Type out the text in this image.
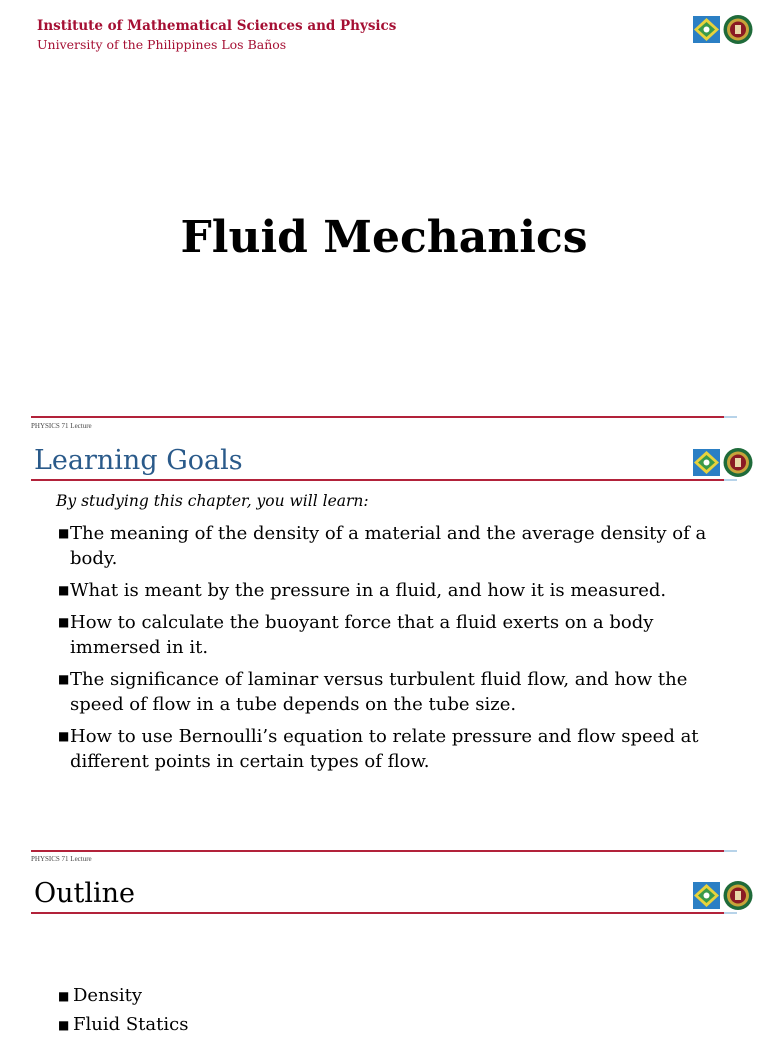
Institute of Mathematical Sciences and Physics
University of the Philippines Los Baños
Fluid Mechanics
PHYSICS 71 Lecture
Learning Goals
By studying this chapter, you will learn:
■ The meaning of the density of a material and the average density of a body.
■ What is meant by the pressure in a fluid, and how it is measured.
■ How to calculate the buoyant force that a fluid exerts on a body immersed in it.
■ The significance of laminar versus turbulent fluid flow, and how the speed of flow in a tube depends on the tube size.
■ How to use Bernoulli’s equation to relate pressure and flow speed at different points in certain types of flow.
PHYSICS 71 Lecture
Outline
■ Density
■ Fluid Statics
